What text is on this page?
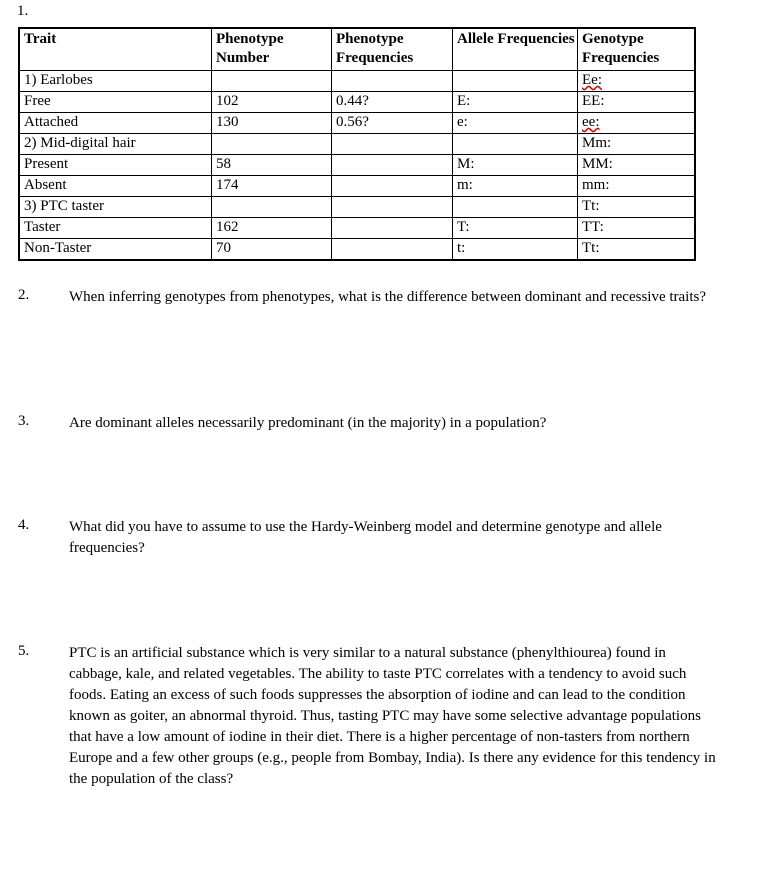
1.
Trait	Phenotype Number	Phenotype Frequencies	Allele Frequencies	Genotype Frequencies
1) Earlobes				Ee:
Free	102	0.44?	E:	EE:
Attached	130	0.56?	e:	ee:
2) Mid-digital hair				Mm:
Present	58		M:	MM:
Absent	174		m:	mm:
3) PTC taster				Tt:
Taster	162		T:	TT:
Non-Taster	70		t:	Tt:
2.	When inferring genotypes from phenotypes, what is the difference between dominant and recessive traits?
3.	Are dominant alleles necessarily predominant (in the majority) in a population?
4.	What did you have to assume to use the Hardy-Weinberg model and determine genotype and allele frequencies?
5.	PTC is an artificial substance which is very similar to a natural substance (phenylthiourea) found in cabbage, kale, and related vegetables. The ability to taste PTC correlates with a tendency to avoid such foods. Eating an excess of such foods suppresses the absorption of iodine and can lead to the condition known as goiter, an abnormal thyroid. Thus, tasting PTC may have some selective advantage populations that have a low amount of iodine in their diet. There is a higher percentage of non-tasters from northern Europe and a few other groups (e.g., people from Bombay, India). Is there any evidence for this tendency in the population of the class?
